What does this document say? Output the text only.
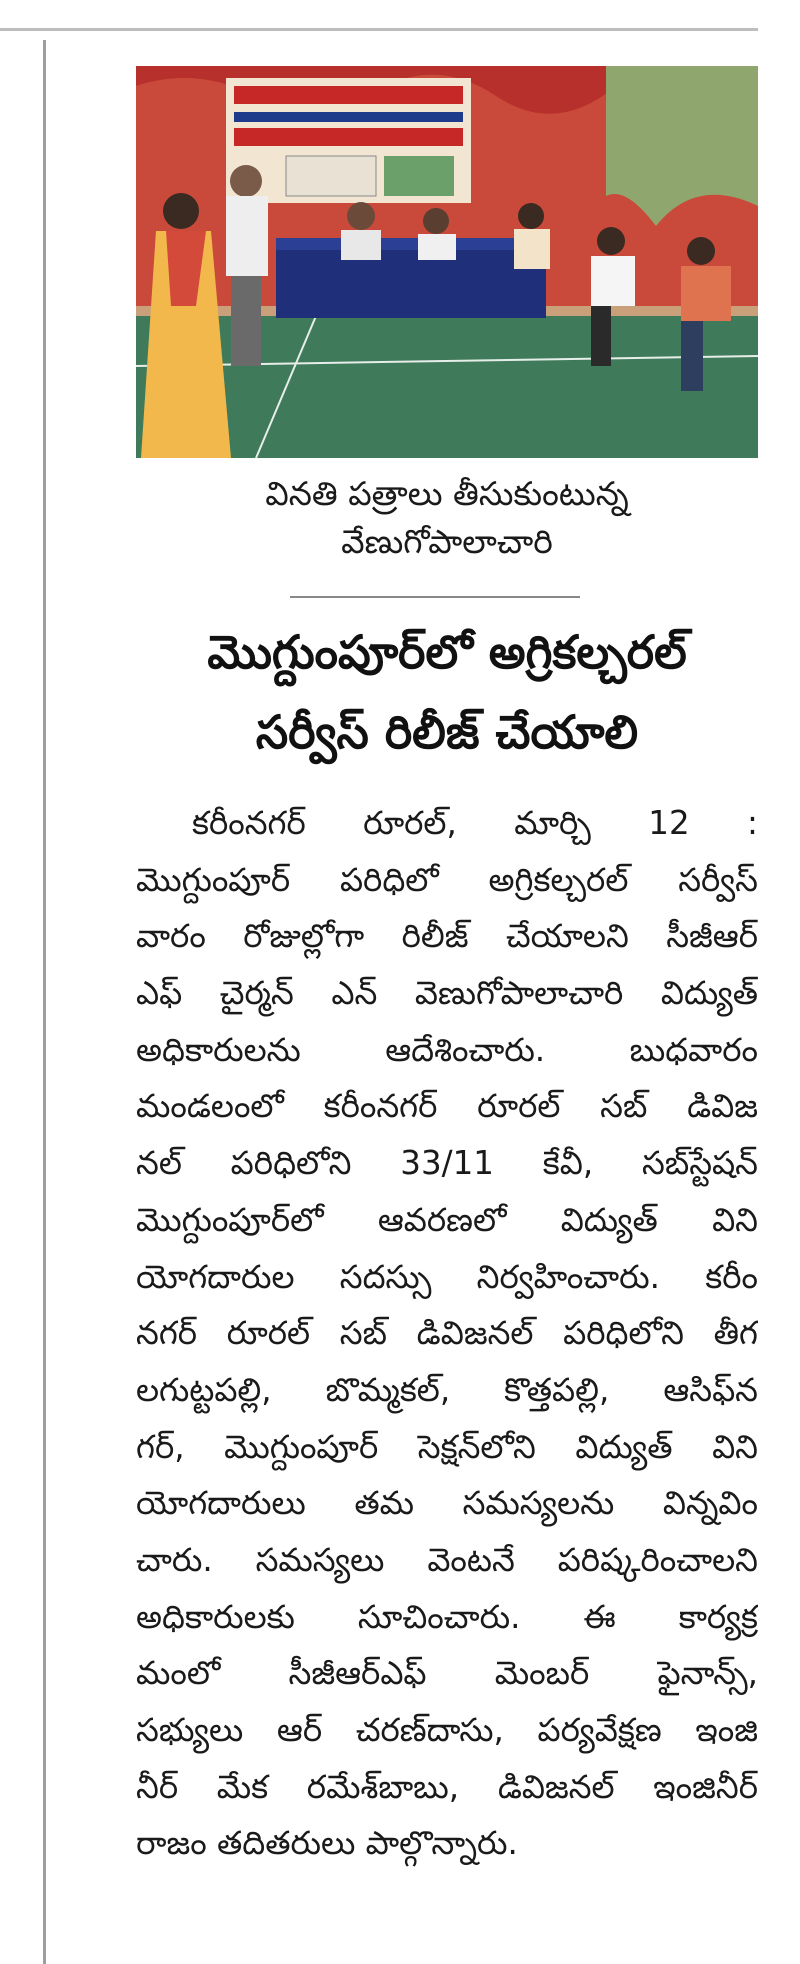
వినతి పత్రాలు తీసుకుంటున్న
వేణుగోపాలాచారి
మొగ్దుంపూర్‌లో అగ్రికల్చరల్
సర్వీస్ రిలీజ్ చేయాలి
కరీంనగర్ రూరల్, మార్చి 12 :
మొగ్దుంపూర్ పరిధిలో అగ్రికల్చరల్ సర్వీస్
వారం రోజుల్లోగా రిలీజ్ చేయాలని సీజీఆర్
ఎఫ్ చైర్మన్ ఎన్ వెణుగోపాలాచారి విద్యుత్
అధికారులను ఆదేశించారు. బుధవారం
మండలంలో కరీంనగర్ రూరల్ సబ్ డివిజ
నల్ పరిధిలోని 33/11 కేవీ, సబ్‌స్టేషన్
మొగ్దుంపూర్‌లో ఆవరణలో విద్యుత్ విని
యోగదారుల సదస్సు నిర్వహించారు. కరీం
నగర్ రూరల్ సబ్ డివిజనల్ పరిధిలోని తీగ
లగుట్టపల్లి, బొమ్మకల్, కొత్తపల్లి, ఆసిఫ్‌న
గర్, మొగ్దుంపూర్ సెక్షన్‌లోని విద్యుత్ విని
యోగదారులు తమ సమస్యలను విన్నవిం
చారు. సమస్యలు వెంటనే పరిష్కరించాలని
అధికారులకు సూచించారు. ఈ కార్యక్ర
మంలో సీజీఆర్‌ఎఫ్ మెంబర్ ఫైనాన్స్,
సభ్యులు ఆర్ చరణ్‌దాసు, పర్యవేక్షణ ఇంజి
నీర్ మేక రమేశ్‌బాబు, డివిజనల్ ఇంజినీర్
రాజం తదితరులు పాల్గొన్నారు.
